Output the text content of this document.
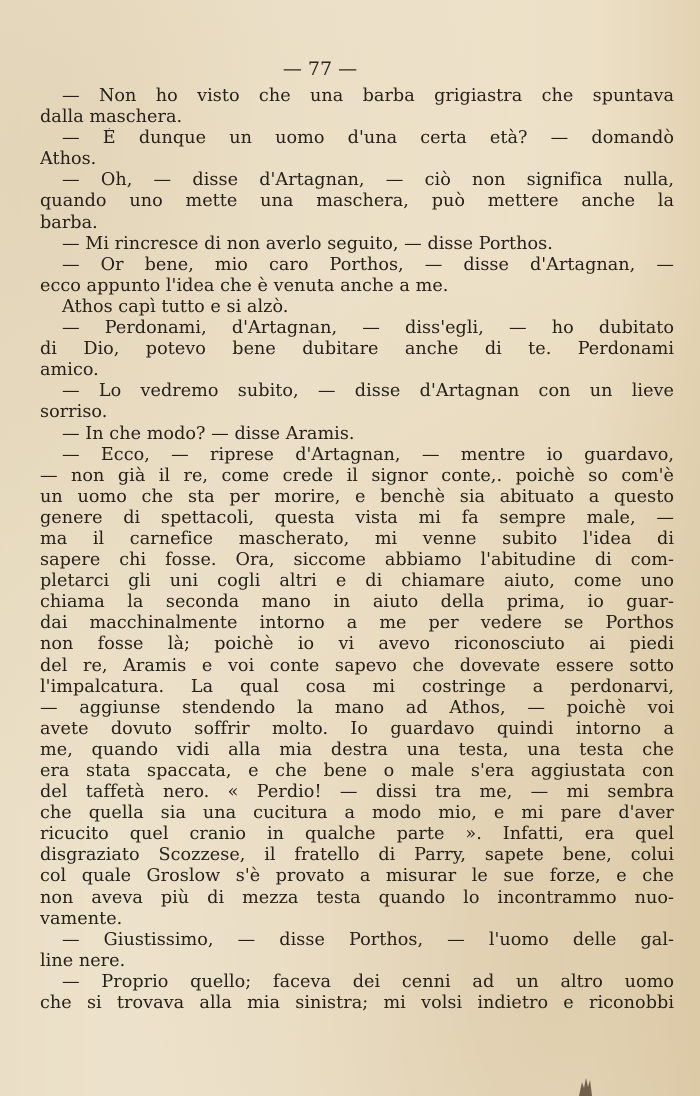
— 77 —
— Non ho visto che una barba grigiastra che spuntava
dalla maschera.
— È dunque un uomo d'una certa età? — domandò
Athos.
— Oh, — disse d'Artagnan, — ciò non significa nulla,
quando uno mette una maschera, può mettere anche la
barba.
— Mi rincresce di non averlo seguito, — disse Porthos.
— Or bene, mio caro Porthos, — disse d'Artagnan, —
ecco appunto l'idea che è venuta anche a me.
Athos capì tutto e si alzò.
— Perdonami, d'Artagnan, — diss'egli, — ho dubitato
di Dio, potevo bene dubitare anche di te. Perdonami
amico.
— Lo vedremo subito, — disse d'Artagnan con un lieve
sorriso.
— In che modo? — disse Aramis.
— Ecco, — riprese d'Artagnan, — mentre io guardavo,
— non già il re, come crede il signor conte,. poichè so com'è
un uomo che sta per morire, e benchè sia abituato a questo
genere di spettacoli, questa vista mi fa sempre male, —
ma il carnefice mascherato, mi venne subito l'idea di
sapere chi fosse. Ora, siccome abbiamo l'abitudine di com-
pletarci gli uni cogli altri e di chiamare aiuto, come uno
chiama la seconda mano in aiuto della prima, io guar-
dai macchinalmente intorno a me per vedere se Porthos
non fosse là; poichè io vi avevo riconosciuto ai piedi
del re, Aramis e voi conte sapevo che dovevate essere sotto
l'impalcatura. La qual cosa mi costringe a perdonarvi,
— aggiunse stendendo la mano ad Athos, — poichè voi
avete dovuto soffrir molto. Io guardavo quindi intorno a
me, quando vidi alla mia destra una testa, una testa che
era stata spaccata, e che bene o male s'era aggiustata con
del taffetà nero. « Perdio! — dissi tra me, — mi sembra
che quella sia una cucitura a modo mio, e mi pare d'aver
ricucito quel cranio in qualche parte ». Infatti, era quel
disgraziato Scozzese, il fratello di Parry, sapete bene, colui
col quale Groslow s'è provato a misurar le sue forze, e che
non aveva più di mezza testa quando lo incontrammo nuo-
vamente.
— Giustissimo, — disse Porthos, — l'uomo delle gal-
line nere.
— Proprio quello; faceva dei cenni ad un altro uomo
che si trovava alla mia sinistra; mi volsi indietro e riconobbi
